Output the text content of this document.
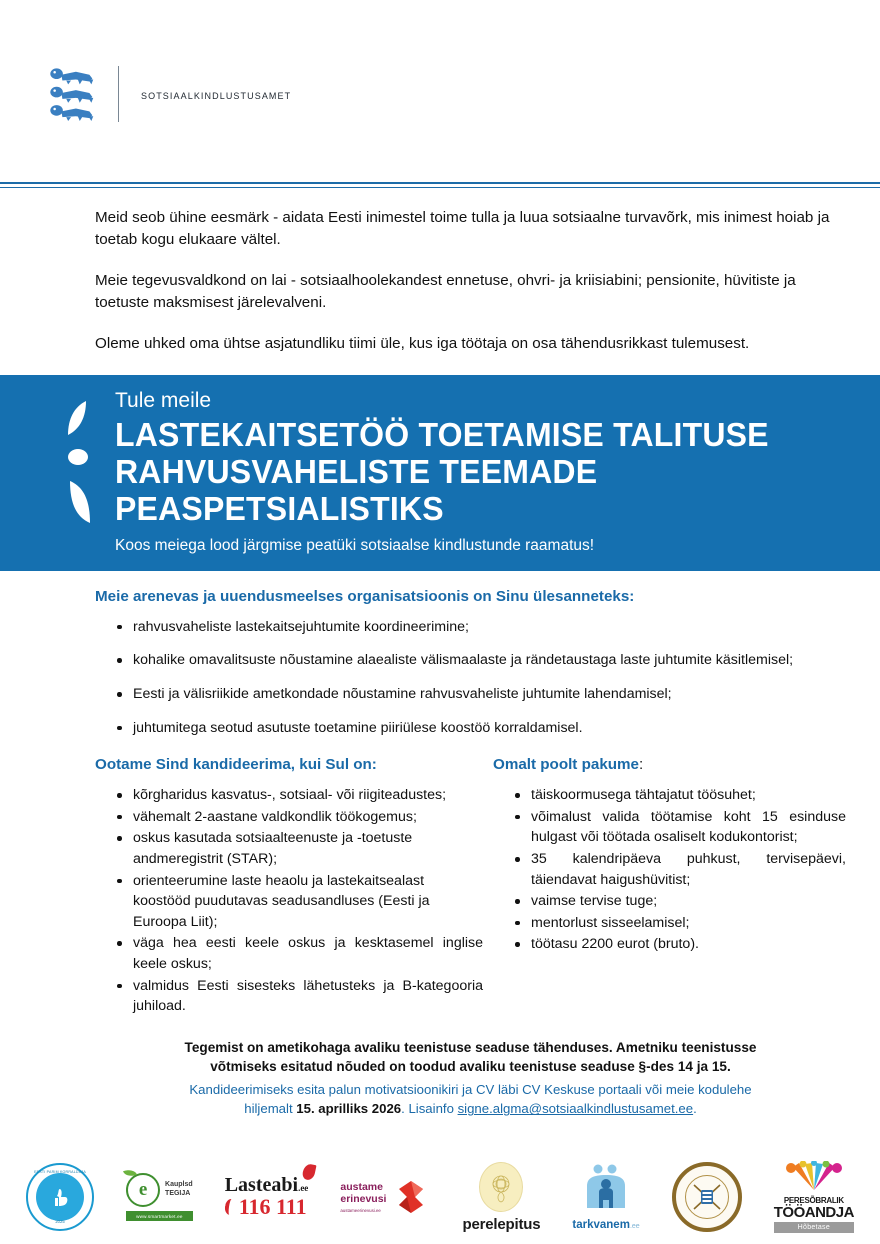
sotsiaalkindlustusamet

Meid seob ühine eesmärk - aidata Eesti inimestel toime tulla ja luua sotsiaalne turvavõrk, mis inimest hoiab ja toetab kogu elukaare vältel.

Meie tegevusvaldkond on lai - sotsiaalhoolekandest ennetuse, ohvri- ja kriisiabini; pensionite, hüvitiste ja toetuste maksmisest järelevalveni.

Oleme uhked oma ühtse asjatundliku tiimi üle, kus iga töötaja on osa tähendusrikkast tulemusest.

Tule meile
LASTEKAITSETÖÖ TOETAMISE TALITUSE
RAHVUSVAHELISTE TEEMADE
PEASPETSIALISTIKS
Koos meiega lood järgmise peatüki sotsiaalse kindlustunde raamatus!
Meie arenevas ja uuendusmeelses organisatsioonis on Sinu ülesanneteks:
rahvusvaheliste lastekaitsejuhtumite koordineerimine;
kohalike omavalitsuste nõustamine alaealiste välismaalaste ja rändetaustaga laste juhtumite käsitlemisel;
Eesti ja välisriikide ametkondade nõustamine rahvusvaheliste juhtumite lahendamisel;
juhtumitega seotud asutuste toetamine piiriülese koostöö korraldamisel.
Ootame Sind kandideerima, kui Sul on:
kõrgharidus kasvatus-, sotsiaal- või riigiteadustes;
vähemalt 2-aastane valdkondlik töökogemus;
oskus kasutada sotsiaalteenuste ja -toetuste andmeregistrit (STAR);
orienteerumine laste heaolu ja lastekaitsealast koostööd puudutavas seadusandluses (Eesti ja Euroopa Liit);
väga hea eesti keele oskus ja kesktasemel inglise keele oskus;
valmidus Eesti sisesteks lähetusteks ja B-kategooria juhiload.
Omalt poolt pakume:
täiskoormusega tähtajatut töösuhet;
võimalust valida töötamise koht 15 esinduse hulgast või töötada osaliselt kodukontorist;
35 kalendripäeva puhkust, tervisepäevi, täiendavat haigushüvitist;
vaimse tervise tuge;
mentorlust sisseelamisel;
töötasu 2200 eurot (bruto).

Tegemist on ametikohaga avaliku teenistuse seaduse tähenduses. Ametniku teenistusse võtmiseks esitatud nõuded on toodud avaliku teenistuse seaduse §-des 14 ja 15.

Kandideerimiseks esita palun motivatsioonikiri ja CV läbi CV Keskuse portaali või meie kodulehe hiljemalt 15. aprilliks 2026. Lisainfo signe.algma@sotsiaalkindlustusamet.ee.

EESTI PARIM KORRALDAJA
2025
e	Kauplsd
TEGIJA
www.smartmarket.ee
Lasteabi.ee
116 111
austame
erinevusi
austameerinevusi.ee
perelepitus	tarkvanem.ee
PERESÕBRALIK
TÖÖANDJA
Hõbetase
